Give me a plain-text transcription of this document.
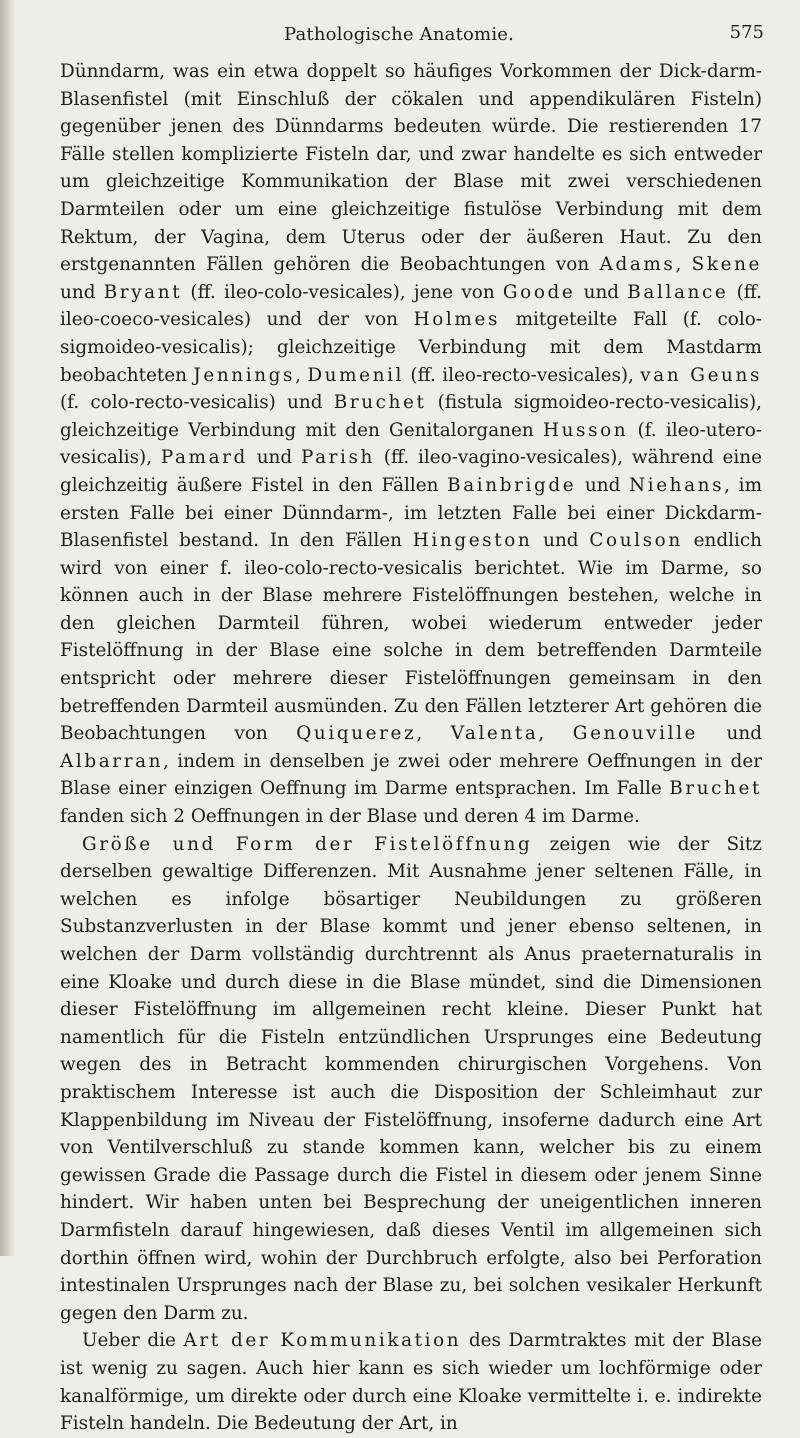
Pathologische Anatomie.	575

Dünndarm, was ein etwa doppelt so häufiges Vorkommen der Dick-darm-Blasenfistel (mit Einschluß der cökalen und appendikulären Fisteln) gegenüber jenen des Dünndarms bedeuten würde. Die restierenden 17 Fälle stellen komplizierte Fisteln dar, und zwar handelte es sich entweder um gleichzeitige Kommunikation der Blase mit zwei verschiedenen Darmteilen oder um eine gleichzeitige fistulöse Verbindung mit dem Rektum, der Vagina, dem Uterus oder der äußeren Haut. Zu den erstgenannten Fällen gehören die Beobachtungen von Adams, Skene und Bryant (ff. ileo-colo-vesicales), jene von Goode und Ballance (ff. ileo-coeco-vesicales) und der von Holmes mitgeteilte Fall (f. colo-sigmoideo-vesicalis); gleichzeitige Verbindung mit dem Mastdarm beobachteten Jennings, Dumenil (ff. ileo-recto-vesicales), van Geuns (f. colo-recto-vesicalis) und Bruchet (fistula sigmoideo-recto-vesicalis), gleichzeitige Verbindung mit den Genitalorganen Husson (f. ileo-utero-vesicalis), Pamard und Parish (ff. ileo-vagino-vesicales), während eine gleichzeitig äußere Fistel in den Fällen Bainbrigde und Niehans, im ersten Falle bei einer Dünndarm-, im letzten Falle bei einer Dickdarm-Blasenfistel bestand. In den Fällen Hingeston und Coulson endlich wird von einer f. ileo-colo-recto-vesicalis berichtet. Wie im Darme, so können auch in der Blase mehrere Fistelöffnungen bestehen, welche in den gleichen Darmteil führen, wobei wiederum entweder jeder Fistelöffnung in der Blase eine solche in dem betreffenden Darmteile entspricht oder mehrere dieser Fistelöffnungen gemeinsam in den betreffenden Darmteil ausmünden. Zu den Fällen letzterer Art gehören die Beobachtungen von Quiquerez, Valenta, Genouville und Albarran, indem in denselben je zwei oder mehrere Oeffnungen in der Blase einer einzigen Oeffnung im Darme entsprachen. Im Falle Bruchet fanden sich 2 Oeffnungen in der Blase und deren 4 im Darme.

Größe und Form der Fistelöffnung zeigen wie der Sitz derselben gewaltige Differenzen. Mit Ausnahme jener seltenen Fälle, in welchen es infolge bösartiger Neubildungen zu größeren Substanzverlusten in der Blase kommt und jener ebenso seltenen, in welchen der Darm vollständig durchtrennt als Anus praeternaturalis in eine Kloake und durch diese in die Blase mündet, sind die Dimensionen dieser Fistelöffnung im allgemeinen recht kleine. Dieser Punkt hat namentlich für die Fisteln entzündlichen Ursprunges eine Bedeutung wegen des in Betracht kommenden chirurgischen Vorgehens. Von praktischem Interesse ist auch die Disposition der Schleimhaut zur Klappenbildung im Niveau der Fistelöffnung, insoferne dadurch eine Art von Ventilverschluß zu stande kommen kann, welcher bis zu einem gewissen Grade die Passage durch die Fistel in diesem oder jenem Sinne hindert. Wir haben unten bei Besprechung der uneigentlichen inneren Darmfisteln darauf hingewiesen, daß dieses Ventil im allgemeinen sich dorthin öffnen wird, wohin der Durchbruch erfolgte, also bei Perforation intestinalen Ursprunges nach der Blase zu, bei solchen vesikaler Herkunft gegen den Darm zu.

Ueber die Art der Kommunikation des Darmtraktes mit der Blase ist wenig zu sagen. Auch hier kann es sich wieder um lochförmige oder kanalförmige, um direkte oder durch eine Kloake vermittelte i. e. indirekte Fisteln handeln. Die Bedeutung der Art, in
